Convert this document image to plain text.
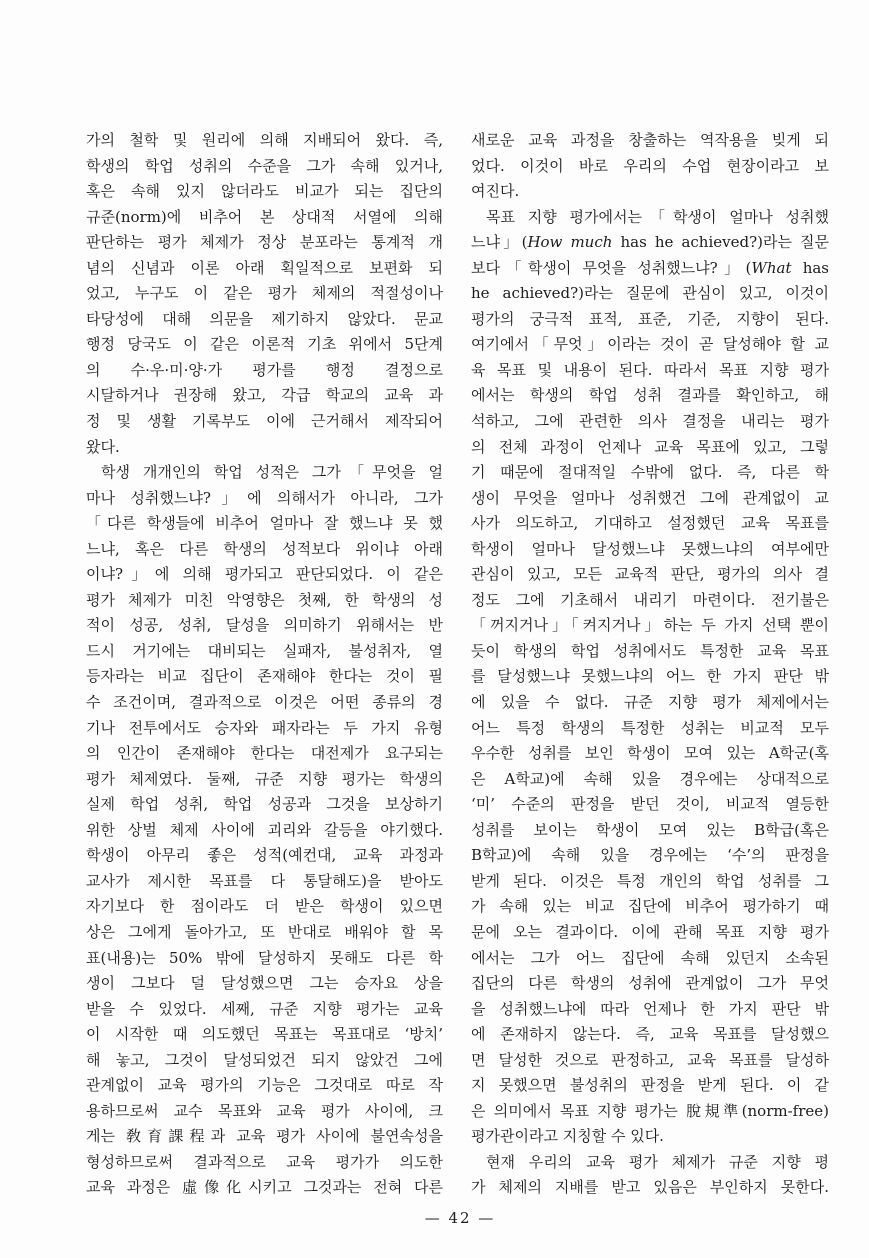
가의 철학 및 원리에 의해 지배되어 왔다. 즉,
학생의 학업 성취의 수준을 그가 속해 있거나,
혹은 속해 있지 않더라도 비교가 되는 집단의
규준(norm)에 비추어 본 상대적 서열에 의해
판단하는 평가 체제가 정상 분포라는 통계적 개
념의 신념과 이론 아래 획일적으로 보편화 되
었고, 누구도 이 같은 평가 체제의 적절성이나
타당성에 대해 의문을 제기하지 않았다. 문교
행정 당국도 이 같은 이론적 기초 위에서 5단계
의 수·우·미·양·가 평가를 행정 결정으로
시달하거나 권장해 왔고, 각급 학교의 교육 과
정 및 생활 기록부도 이에 근거해서 제작되어
왔다.
학생 개개인의 학업 성적은 그가「무엇을 얼
마나 성취했느냐?」에 의해서가 아니라, 그가
「다른 학생들에 비추어 얼마나 잘 했느냐 못 했
느냐, 혹은 다른 학생의 성적보다 위이냐 아래
이냐?」에 의해 평가되고 판단되었다. 이 같은
평가 체제가 미친 악영향은 첫째, 한 학생의 성
적이 성공, 성취, 달성을 의미하기 위해서는 반
드시 거기에는 대비되는 실패자, 불성취자, 열
등자라는 비교 집단이 존재해야 한다는 것이 필
수 조건이며, 결과적으로 이것은 어떤 종류의 경
기나 전투에서도 승자와 패자라는 두 가지 유형
의 인간이 존재해야 한다는 대전제가 요구되는
평가 체제였다. 둘째, 규준 지향 평가는 학생의
실제 학업 성취, 학업 성공과 그것을 보상하기
위한 상벌 체제 사이에 괴리와 갈등을 야기했다.
학생이 아무리 좋은 성적(예컨대, 교육 과정과
교사가 제시한 목표를 다 통달해도)을 받아도
자기보다 한 점이라도 더 받은 학생이 있으면
상은 그에게 돌아가고, 또 반대로 배워야 할 목
표(내용)는 50% 밖에 달성하지 못해도 다른 학
생이 그보다 덜 달성했으면 그는 승자요 상을
받을 수 있었다. 세째, 규준 지향 평가는 교육
이 시작한 때 의도했던 목표는 목표대로 ‘방치’
해 놓고, 그것이 달성되었건 되지 않았건 그에
관계없이 교육 평가의 기능은 그것대로 따로 작
용하므로써 교수 목표와 교육 평가 사이에, 크
게는 敎育課程과 교육 평가 사이에 불연속성을
형성하므로써 결과적으로 교육 평가가 의도한
교육 과정은 虛像化시키고 그것과는 전혀 다른
새로운 교육 과정을 창출하는 역작용을 빚게 되
었다. 이것이 바로 우리의 수업 현장이라고 보
여진다.
목표 지향 평가에서는「학생이 얼마나 성취했
느냐」(How much has he achieved?)라는 질문
보다「학생이 무엇을 성취했느냐?」(What has
he achieved?)라는 질문에 관심이 있고, 이것이
평가의 궁극적 표적, 표준, 기준, 지향이 된다.
여기에서「무엇」이라는 것이 곧 달성해야 할 교
육 목표 및 내용이 된다. 따라서 목표 지향 평가
에서는 학생의 학업 성취 결과를 확인하고, 해
석하고, 그에 관련한 의사 결정을 내리는 평가
의 전체 과정이 언제나 교육 목표에 있고, 그렇
기 때문에 절대적일 수밖에 없다. 즉, 다른 학
생이 무엇을 얼마나 성취했건 그에 관계없이 교
사가 의도하고, 기대하고 설정했던 교육 목표를
학생이 얼마나 달성했느냐 못했느냐의 여부에만
관심이 있고, 모든 교육적 판단, 평가의 의사 결
정도 그에 기초해서 내리기 마련이다. 전기불은
「꺼지거나」「켜지거나」하는 두 가지 선택 뿐이
듯이 학생의 학업 성취에서도 특정한 교육 목표
를 달성했느냐 못했느냐의 어느 한 가지 판단 밖
에 있을 수 없다. 규준 지향 평가 체제에서는
어느 특정 학생의 특정한 성취는 비교적 모두
우수한 성취를 보인 학생이 모여 있는 A학군(혹
은 A학교)에 속해 있을 경우에는 상대적으로
‘미’ 수준의 판정을 받던 것이, 비교적 열등한
성취를 보이는 학생이 모여 있는 B학급(혹은
B학교)에 속해 있을 경우에는 ‘수’의 판정을
받게 된다. 이것은 특정 개인의 학업 성취를 그
가 속해 있는 비교 집단에 비추어 평가하기 때
문에 오는 결과이다. 이에 관해 목표 지향 평가
에서는 그가 어느 집단에 속해 있던지 소속된
집단의 다른 학생의 성취에 관계없이 그가 무엇
을 성취했느냐에 따라 언제나 한 가지 판단 밖
에 존재하지 않는다. 즉, 교육 목표를 달성했으
면 달성한 것으로 판정하고, 교육 목표를 달성하
지 못했으면 불성취의 판정을 받게 된다. 이 같
은 의미에서 목표 지향 평가는 脫規準(norm-free)
평가관이라고 지칭할 수 있다.
현재 우리의 교육 평가 체제가 규준 지향 평
가 체제의 지배를 받고 있음은 부인하지 못한다.
— 42 —
